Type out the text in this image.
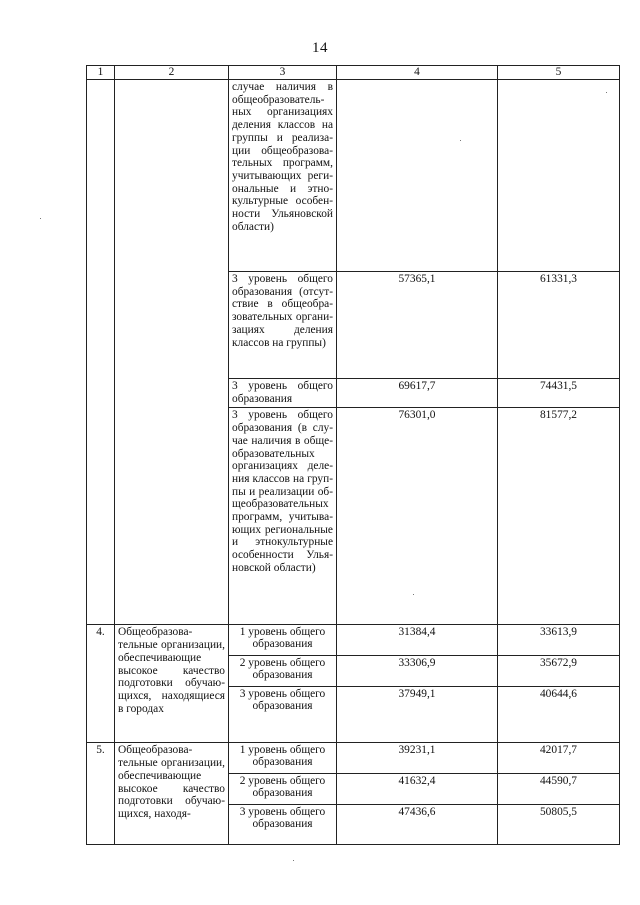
14
1	2	3	4	5
		случае наличия в общеобразовательных организациях деления классов на группы и реализации общеобразовательных программ, учитывающих региональные и этнокультурные особенности Ульяновской области)		
		3 уровень общего образования (отсутствие в общеобразовательных организациях деления классов на группы)	57365,1	61331,3
		3 уровень общего образования	69617,7	74431,5
		3 уровень общего образования (в случае наличия в общеобразовательных организациях деления классов на группы и реализации общеобразовательных программ, учитывающих региональные и этнокультурные особенности Ульяновской области)	76301,0	81577,2
4.	Общеобразовательные организации, обеспечивающие высокое качество подготовки обучающихся, находящиеся в городах	1 уровень общего образования	31384,4	33613,9
		2 уровень общего образования	33306,9	35672,9
		3 уровень общего образования	37949,1	40644,6
5.	Общеобразовательные организации, обеспечивающие высокое качество подготовки обучающихся, находя-	1 уровень общего образования	39231,1	42017,7
		2 уровень общего образования	41632,4	44590,7
		3 уровень общего образования	47436,6	50805,5
